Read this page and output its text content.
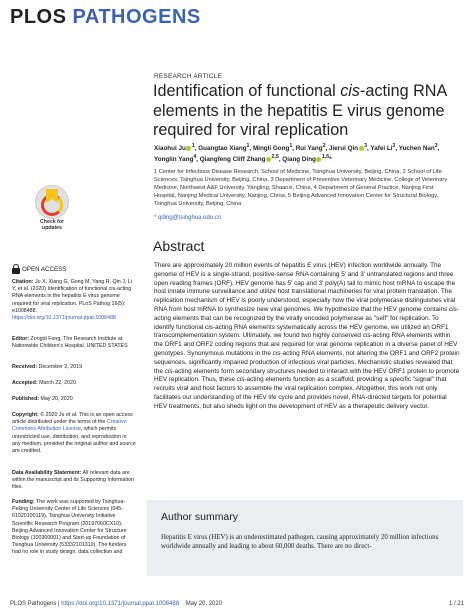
PLOS PATHOGENS
Check for
updates
OPEN ACCESS
Citation: Ju X, Xiang G, Gong M, Yang R, Qin J, Li Y, et al. (2020) Identification of functional cis-acting RNA elements in the hepatitis E virus genome required for viral replication. PLoS Pathog 16(5): e1008488. https://doi.org/10.1371/journal.ppat.1008488
Editor: Zongdi Feng, The Research Institute at Nationwide Children's Hospital, UNITED STATES
Received: December 2, 2019
Accepted: March 22, 2020
Published: May 20, 2020
Copyright: © 2020 Ju et al. This is an open access article distributed under the terms of the Creative Commons Attribution License, which permits unrestricted use, distribution, and reproduction in any medium, provided the original author and source are credited.
Data Availability Statement: All relevant data are within the manuscript and its Supporting Information files.
Funding: The work was supported by Tsinghua-Peking University Center of Life Sciences (045-61020100119), Tsinghua University Initiative Scientific Research Program (20197060CX10), Beijing Advanced Innovation Center for Structure Biology (100300001) and Start-up Foundation of Tsinghua University (53332101319). The funders had no role in study design, data collection and
RESEARCH ARTICLE
Identification of functional cis-acting RNA elements in the hepatitis E virus genome required for viral replication
Xiaohui Ju $^1$, Guangtao Xiang$^1$, Mingli Gong$^1$, Rui Yang$^2$, Jierui Qin $^3$, Yafei Li$^3$, Yuchen Nan$^3$, Yonglin Yang$^4$, Qiangfeng Cliff Zhang $^{2,5}$, Qiang Ding $^{1,5}$*
1 Center for Infectious Disease Research, School of Medicine, Tsinghua University, Beijing, China, 2 School of Life Sciences, Tsinghua University, Beijing, China, 3 Department of Preventive Veterinary Medicine, College of Veterinary Medicine, Northwest A&F University, Yangling, Shaanxi, China, 4 Department of General Practice, Nanjing First Hospital, Nanjing Medical University, Nanjing, China, 5 Beijing Advanced Innovation Center for Structural Biology, Tsinghua University, Beijing, China
* qding@tsinghua.edu.cn
Abstract
There are approximately 20 million events of hepatitis E virus (HEV) infection worldwide annually. The genome of HEV is a single-strand, positive-sense RNA containing 5' and 3' untranslated regions and three open reading frames (ORF). HEV genome has 5' cap and 3' poly(A) tail to mimic host mRNA to escape the host innate immune surveillance and utilize host translational machineries for viral protein translation. The replication mechanism of HEV is poorly understood, especially how the viral polymerase distinguishes viral RNA from host mRNA to synthesize new viral genomes. We hypothesize that the HEV genome contains cis-acting elements that can be recognized by the virally encoded polymerase as "self" for replication. To identify functional cis-acting RNA elements systematically across the HEV genome, we utilized an ORF1 transcomplementation system. Ultimately, we found two highly conserved cis-acting RNA elements within the ORF1 and ORF2 coding regions that are required for viral genome replication in a diverse panel of HEV genotypes. Synonymous mutations in the cis-acting RNA elements, not altering the ORF1 and ORF2 protein sequences, significantly impaired production of infectious viral particles. Mechanistic studies revealed that the cis-acting elements form secondary structures needed to interact with the HEV ORF1 protein to promote HEV replication. Thus, these cis-acting elements function as a scaffold, providing a specific "signal" that recruits viral and host factors to assemble the viral replication complex. Altogether, this work not only facilitates our understanding of the HEV life cycle and provides novel, RNA-directed targets for potential HEV treatments, but also sheds light on the development of HEV as a therapeutic delivery vector.
Author summary
Hepatitis E virus (HEV) is an underestimated pathogen, causing approximately 20 million infections worldwide annually and leading to about 60,000 deaths. There are no direct-
PLOS Pathogens | https://doi.org/10.1371/journal.ppat.1008488 May 20, 2020	1 / 21
